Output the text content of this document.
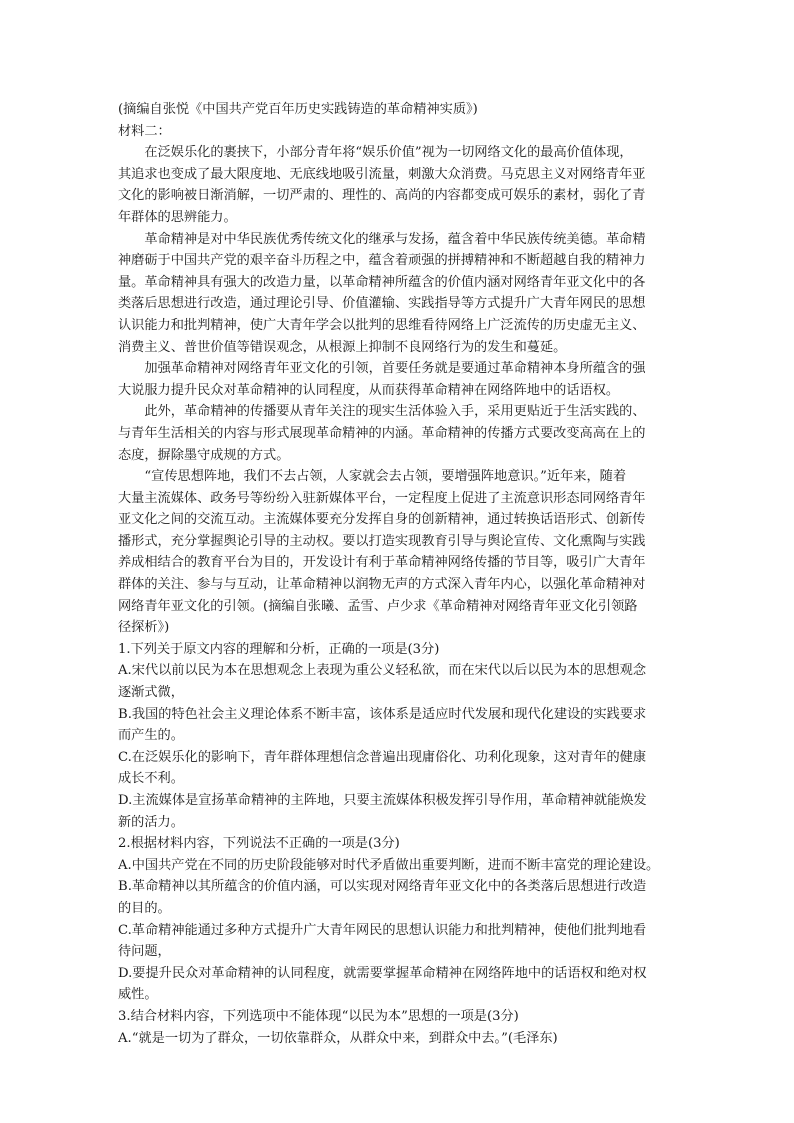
(摘编自张悦《中国共产党百年历史实践铸造的革命精神实质》)
材料二：
在泛娱乐化的裹挟下，小部分青年将“娱乐价值”视为一切网络文化的最高价值体现，
其追求也变成了最大限度地、无底线地吸引流量，刺激大众消费。马克思主义对网络青年亚
文化的影响被日渐消解，一切严肃的、理性的、高尚的内容都变成可娱乐的素材，弱化了青
年群体的思辨能力。
革命精神是对中华民族优秀传统文化的继承与发扬，蕴含着中华民族传统美德。革命精
神磨砺于中国共产党的艰辛奋斗历程之中，蕴含着顽强的拼搏精神和不断超越自我的精神力
量。革命精神具有强大的改造力量，以革命精神所蕴含的价值内涵对网络青年亚文化中的各
类落后思想进行改造，通过理论引导、价值灌输、实践指导等方式提升广大青年网民的思想
认识能力和批判精神，使广大青年学会以批判的思维看待网络上广泛流传的历史虚无主义、
消费主义、普世价值等错误观念，从根源上抑制不良网络行为的发生和蔓延。
加强革命精神对网络青年亚文化的引领，首要任务就是要通过革命精神本身所蕴含的强
大说服力提升民众对革命精神的认同程度，从而获得革命精神在网络阵地中的话语权。
此外，革命精神的传播要从青年关注的现实生活体验入手，采用更贴近于生活实践的、
与青年生活相关的内容与形式展现革命精神的内涵。革命精神的传播方式要改变高高在上的
态度，摒除墨守成规的方式。
“宣传思想阵地，我们不去占领，人家就会去占领，要增强阵地意识。”近年来，随着
大量主流媒体、政务号等纷纷入驻新媒体平台，一定程度上促进了主流意识形态同网络青年
亚文化之间的交流互动。主流媒体要充分发挥自身的创新精神，通过转换话语形式、创新传
播形式，充分掌握舆论引导的主动权。要以打造实现教育引导与舆论宣传、文化熏陶与实践
养成相结合的教育平台为目的，开发设计有利于革命精神网络传播的节目等，吸引广大青年
群体的关注、参与与互动，让革命精神以润物无声的方式深入青年内心，以强化革命精神对
网络青年亚文化的引领。(摘编自张曦、孟雪、卢少求《革命精神对网络青年亚文化引领路
径探析》)
1.下列关于原文内容的理解和分析，正确的一项是(3分)
A.宋代以前以民为本在思想观念上表现为重公义轻私欲，而在宋代以后以民为本的思想观念
逐渐式微，
B.我国的特色社会主义理论体系不断丰富，该体系是适应时代发展和现代化建设的实践要求
而产生的。
C.在泛娱乐化的影响下，青年群体理想信念普遍出现庸俗化、功利化现象，这对青年的健康
成长不利。
D.主流媒体是宣扬革命精神的主阵地，只要主流媒体积极发挥引导作用，革命精神就能焕发
新的活力。
2.根据材料内容，下列说法不正确的一项是(3分)
A.中国共产党在不同的历史阶段能够对时代矛盾做出重要判断，进而不断丰富党的理论建设。
B.革命精神以其所蕴含的价值内涵，可以实现对网络青年亚文化中的各类落后思想进行改造
的目的。
C.革命精神能通过多种方式提升广大青年网民的思想认识能力和批判精神，使他们批判地看
待问题，
D.要提升民众对革命精神的认同程度，就需要掌握革命精神在网络阵地中的话语权和绝对权
威性。
3.结合材料内容，下列选项中不能体现“以民为本”思想的一项是(3分)
A.“就是一切为了群众，一切依靠群众，从群众中来，到群众中去。”(毛泽东)
